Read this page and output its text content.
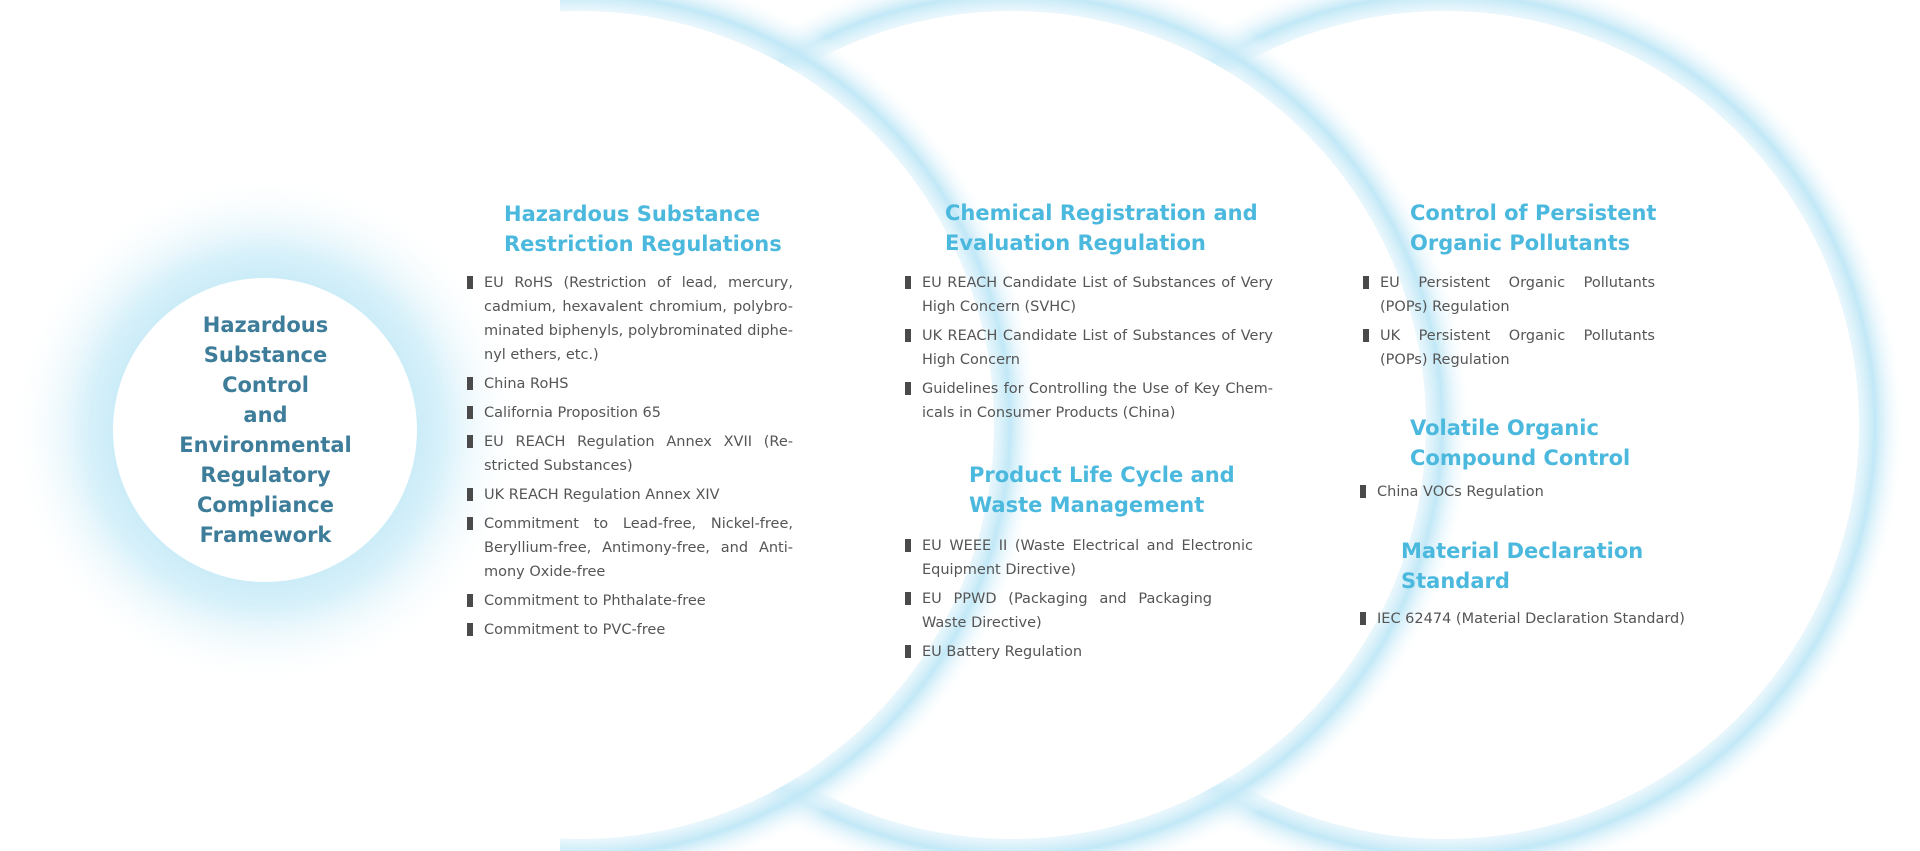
Hazardous
Substance Control
and Environmental
Regulatory
Compliance
Framework
Hazardous Substance
Restriction Regulations
EU RoHS (Restriction of lead, mercury, cadmium, hexavalent chromium, polybro-minated biphenyls, polybrominated diphe-nyl ethers, etc.)
China RoHS
California Proposition 65
EU REACH Regulation Annex XVII (Re-stricted Substances)
UK REACH Regulation Annex XIV
Commitment to Lead-free, Nickel-free, Beryllium-free, Antimony-free, and Anti-mony Oxide-free
Commitment to Phthalate-free
Commitment to PVC-free
Chemical Registration and
Evaluation Regulation
EU REACH Candidate List of Substances of Very High Concern (SVHC)
UK REACH Candidate List of Substances of Very High Concern
Guidelines for Controlling the Use of Key Chem-icals in Consumer Products (China)
Product Life Cycle and
Waste Management
EU WEEE II (Waste Electrical and Electronic Equipment Directive)
EU PPWD (Packaging and Packaging Waste Directive)
EU Battery Regulation
Control of Persistent
Organic Pollutants
EU Persistent Organic Pollutants (POPs) Regulation
UK Persistent Organic Pollutants (POPs) Regulation
Volatile Organic
Compound Control
China VOCs Regulation
Material Declaration
Standard
IEC 62474 (Material Declaration Standard)
